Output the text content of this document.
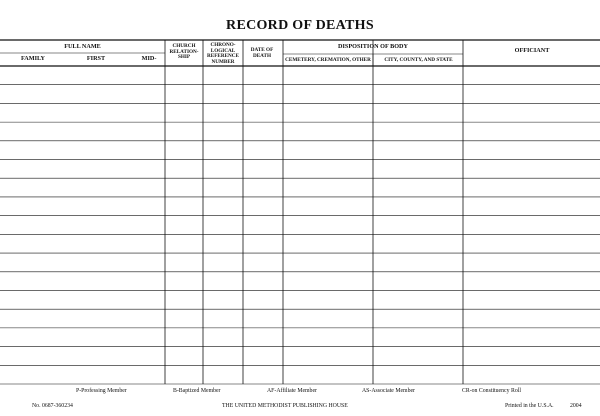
RECORD OF DEATHS
FULL NAME
FAMILY	FIRST	MID-
CHURCH RELATION-SHIP
CHRONO-LOGICAL REFERENCE NUMBER
DATE OF DEATH
DISPOSITION OF BODY
CEMETERY, CREMATION, OTHER	CITY, COUNTY, AND STATE
OFFICIANT
P-Professing Member	B-Baptized Member	AF-Affiliate Member	AS-Associate Member	CR-on Constituency Roll
No. 0687-360234	THE UNITED METHODIST PUBLISHING HOUSE	Printed in the U.S.A.	2004
